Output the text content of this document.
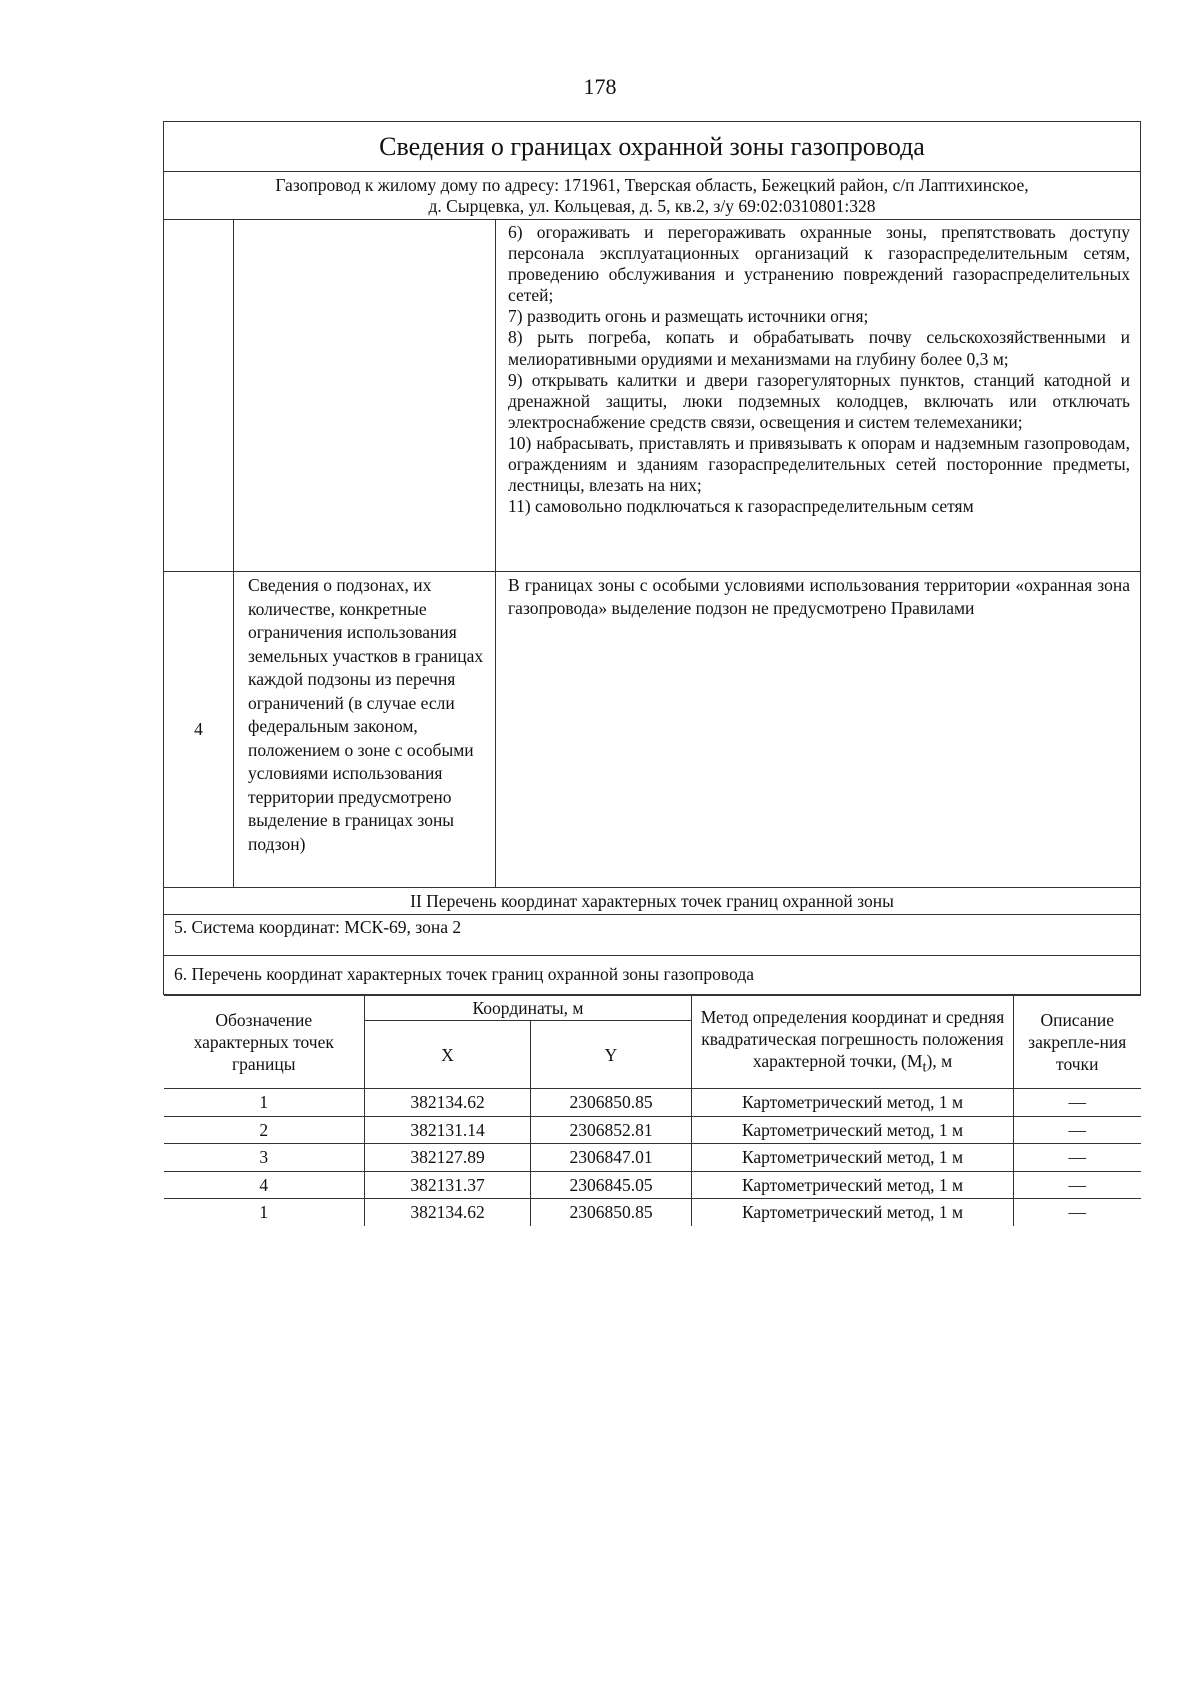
178
Сведения о границах охранной зоны газопровода

Газопровод к жилому дому по адресу: 171961, Тверская область, Бежецкий район, с/п Лаптихинское,
д. Сырцевка, ул. Кольцевая, д. 5, кв.2, з/у 69:02:0310801:328

6) огораживать и перегораживать охранные зоны, препятствовать доступу персонала эксплуатационных организаций к газораспределительным сетям, проведению обслуживания и устранению повреждений газораспределительных сетей;

7) разводить огонь и размещать источники огня;

8) рыть погреба, копать и обрабатывать почву сельскохозяйственными и мелиоративными орудиями и механизмами на глубину более 0,3 м;

9) открывать калитки и двери газорегуляторных пунктов, станций катодной и дренажной защиты, люки подземных колодцев, включать или отключать электроснабжение средств связи, освещения и систем телемеханики;

10) набрасывать, приставлять и привязывать к опорам и надземным газопроводам, ограждениям и зданиям газораспределительных сетей посторонние предметы, лестницы, влезать на них;

11) самовольно подключаться к газораспределительным сетям

4	Сведения о подзонах, их количестве, конкретные ограничения использования земельных участков в границах каждой подзоны из перечня ограничений (в случае если федеральным законом, положением о зоне с особыми условиями использования территории предусмотрено выделение в границах зоны подзон)	В границах зоны с особыми условиями использования территории «охранная зона газопровода» выделение подзон не предусмотрено Правилами
II Перечень координат характерных точек границ охранной зоны
5. Система координат: МСК-69, зона 2
6. Перечень координат характерных точек границ охранной зоны газопровода

Обозначение характерных точек границы	Координаты, м	Метод определения координат и средняя квадратическая погрешность положения характерной точки, $(M_t)$, м	Описание закрепле-ния точки
X	Y
1	382134.62	2306850.85	Картометрический метод, 1 м	—
2	382131.14	2306852.81	Картометрический метод, 1 м	—
3	382127.89	2306847.01	Картометрический метод, 1 м	—
4	382131.37	2306845.05	Картометрический метод, 1 м	—
1	382134.62	2306850.85	Картометрический метод, 1 м	—
